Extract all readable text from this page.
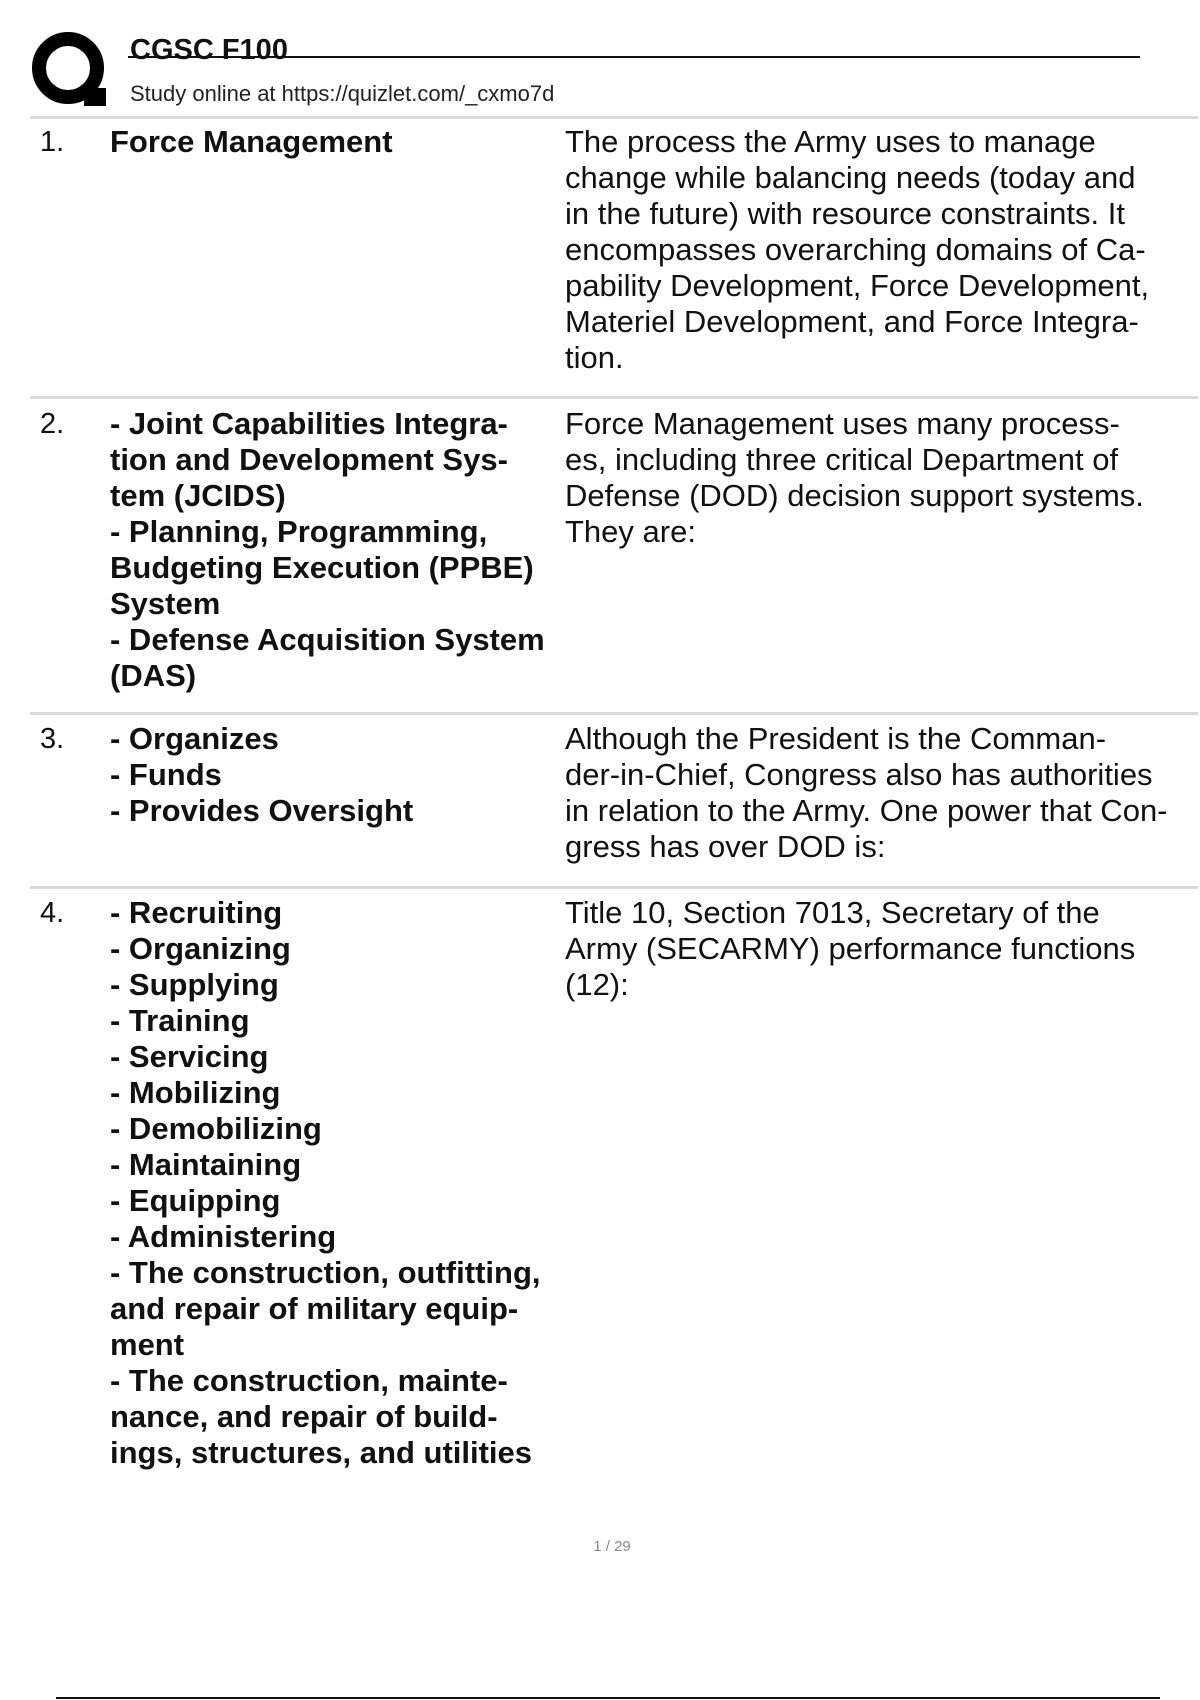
CGSC F100
Study online at https://quizlet.com/_cxmo7d
1. Force Management	The process the Army uses to manage
change while balancing needs (today and
in the future) with resource constraints. It
encompasses overarching domains of Ca-
pability Development, Force Development,
Materiel Development, and Force Integra-
tion.
2. - Joint Capabilities Integra-
tion and Development Sys-
tem (JCIDS)
- Planning, Programming,
Budgeting Execution (PPBE)
System
- Defense Acquisition System
(DAS)
Force Management uses many process-
es, including three critical Department of
Defense (DOD) decision support systems.
They are:
3. - Organizes
- Funds
- Provides Oversight
Although the President is the Comman-
der-in-Chief, Congress also has authorities
in relation to the Army. One power that Con-
gress has over DOD is:
4. - Recruiting
- Organizing
- Supplying
- Training
- Servicing
- Mobilizing
- Demobilizing
- Maintaining
- Equipping
- Administering
- The construction, outfitting,
and repair of military equip-
ment
- The construction, mainte-
nance, and repair of build-
ings, structures, and utilities
Title 10, Section 7013, Secretary of the
Army (SECARMY) performance functions
(12):
1 / 29
